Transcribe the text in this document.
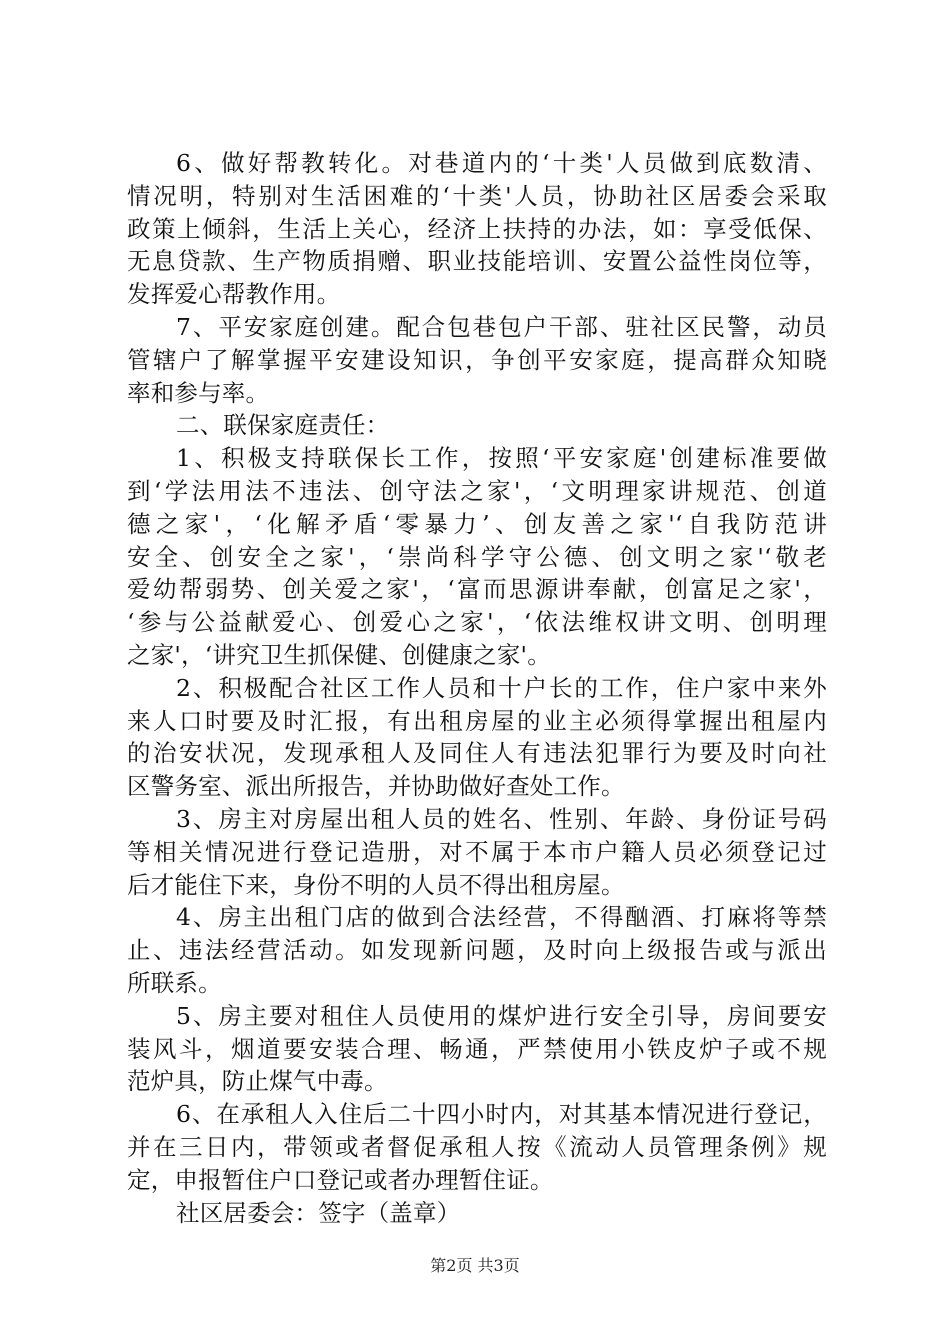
6、做好帮教转化。对巷道内的‘十类'人员做到底数清、
情况明，特别对生活困难的‘十类'人员，协助社区居委会采取
政策上倾斜，生活上关心，经济上扶持的办法，如：享受低保、
无息贷款、生产物质捐赠、职业技能培训、安置公益性岗位等，
发挥爱心帮教作用。
7、平安家庭创建。配合包巷包户干部、驻社区民警，动员
管辖户了解掌握平安建设知识，争创平安家庭，提高群众知晓
率和参与率。
二、联保家庭责任：
1、积极支持联保长工作，按照‘平安家庭'创建标准要做
到‘学法用法不违法、创守法之家'，‘文明理家讲规范、创道
德之家'，‘化解矛盾‘零暴力’、创友善之家'‘自我防范讲
安全、创安全之家'，‘崇尚科学守公德、创文明之家'‘敬老
爱幼帮弱势、创关爱之家'，‘富而思源讲奉献，创富足之家'，
‘参与公益献爱心、创爱心之家'，‘依法维权讲文明、创明理
之家'，‘讲究卫生抓保健、创健康之家'。
2、积极配合社区工作人员和十户长的工作，住户家中来外
来人口时要及时汇报，有出租房屋的业主必须得掌握出租屋内
的治安状况，发现承租人及同住人有违法犯罪行为要及时向社
区警务室、派出所报告，并协助做好查处工作。
3、房主对房屋出租人员的姓名、性别、年龄、身份证号码
等相关情况进行登记造册，对不属于本市户籍人员必须登记过
后才能住下来，身份不明的人员不得出租房屋。
4、房主出租门店的做到合法经营，不得酗酒、打麻将等禁
止、违法经营活动。如发现新问题，及时向上级报告或与派出
所联系。
5、房主要对租住人员使用的煤炉进行安全引导，房间要安
装风斗，烟道要安装合理、畅通，严禁使用小铁皮炉子或不规
范炉具，防止煤气中毒。
6、在承租人入住后二十四小时内，对其基本情况进行登记，
并在三日内，带领或者督促承租人按《流动人员管理条例》规
定，申报暂住户口登记或者办理暂住证。
社区居委会：签字（盖章）
第2页 共3页
